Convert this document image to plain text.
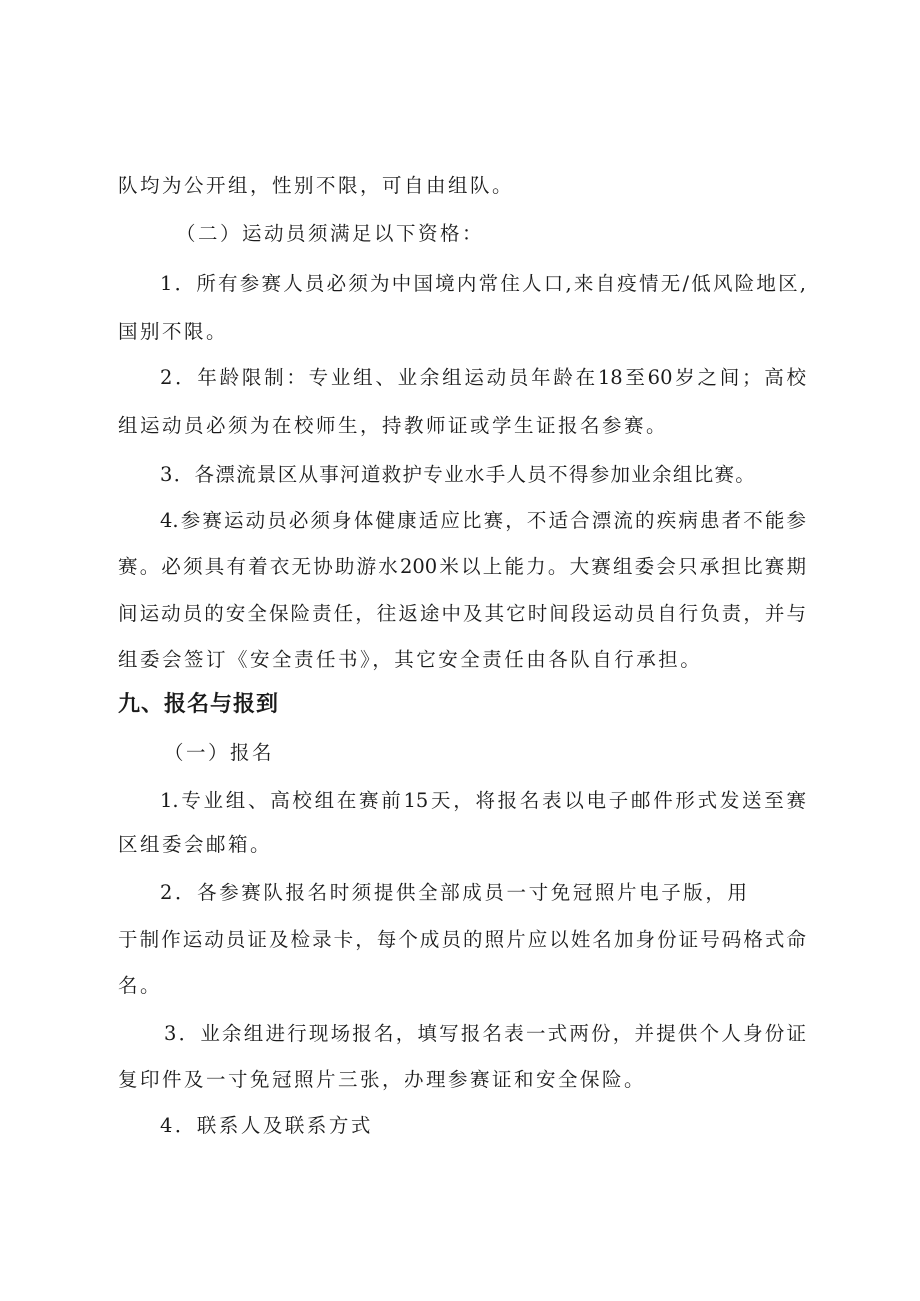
队均为公开组，性别不限，可自由组队。

（二）运动员须满足以下资格：

1．所有参赛人员必须为中国境内常住人口,来自疫情无/低风险地区,

国别不限。

2．年龄限制：专业组、业余组运动员年龄在18至60岁之间；高校

组运动员必须为在校师生，持教师证或学生证报名参赛。

3．各漂流景区从事河道救护专业水手人员不得参加业余组比赛。

4.参赛运动员必须身体健康适应比赛，不适合漂流的疾病患者不能参

赛。必须具有着衣无协助游水200米以上能力。大赛组委会只承担比赛期

间运动员的安全保险责任，往返途中及其它时间段运动员自行负责，并与

组委会签订《安全责任书》，其它安全责任由各队自行承担。

九、报名与报到

（一）报名

1.专业组、高校组在赛前15天，将报名表以电子邮件形式发送至赛

区组委会邮箱。

2．各参赛队报名时须提供全部成员一寸免冠照片电子版，用

于制作运动员证及检录卡，每个成员的照片应以姓名加身份证号码格式命

名。

3．业余组进行现场报名，填写报名表一式两份，并提供个人身份证

复印件及一寸免冠照片三张，办理参赛证和安全保险。

4．联系人及联系方式
